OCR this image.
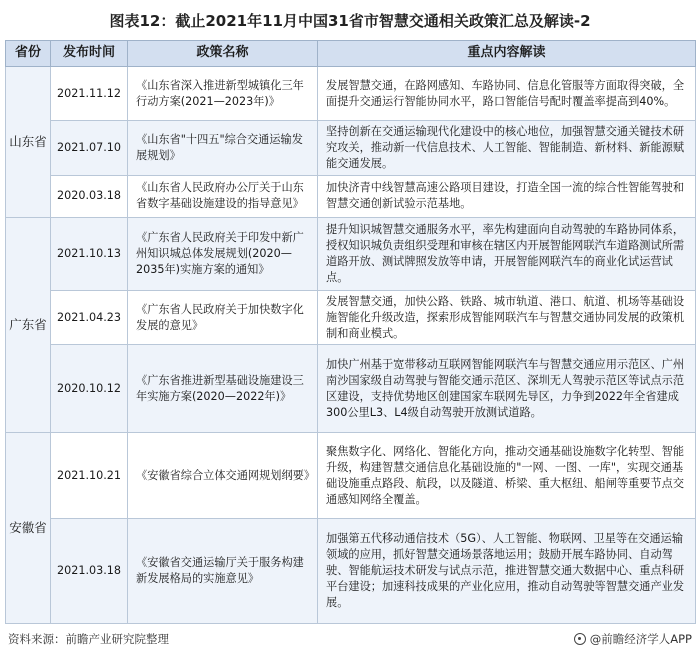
图表12：截止2021年11月中国31省市智慧交通相关政策汇总及解读-2
省份	发布时间	政策名称	重点内容解读
山东省	2021.11.12	《山东省深入推进新型城镇化三年行动方案(2021—2023年)》	发展智慧交通，在路网感知、车路协同、信息化管服等方面取得突破，全面提升交通运行智能协同水平，路口智能信号配时覆盖率提高到40%。
	2021.07.10	《山东省"十四五"综合交通运输发展规划》	坚持创新在交通运输现代化建设中的核心地位，加强智慧交通关键技术研究攻关，推动新一代信息技术、人工智能、智能制造、新材料、新能源赋能交通发展。
	2020.03.18	《山东省人民政府办公厅关于山东省数字基础设施建设的指导意见》	加快济青中线智慧高速公路项目建设，打造全国一流的综合性智能驾驶和智慧交通创新试验示范基地。
广东省	2021.10.13	《广东省人民政府关于印发中新广州知识城总体发展规划(2020—2035年)实施方案的通知》	提升知识城智慧交通服务水平，率先构建面向自动驾驶的车路协同体系，授权知识城负责组织受理和审核在辖区内开展智能网联汽车道路测试所需道路开放、测试牌照发放等申请，开展智能网联汽车的商业化试运营试点。
	2021.04.23	《广东省人民政府关于加快数字化发展的意见》	发展智慧交通，加快公路、铁路、城市轨道、港口、航道、机场等基础设施智能化升级改造，探索形成智能网联汽车与智慧交通协同发展的政策机制和商业模式。
	2020.10.12	《广东省推进新型基础设施建设三年实施方案(2020—2022年)》	加快广州基于宽带移动互联网智能网联汽车与智慧交通应用示范区、广州南沙国家级自动驾驶与智能交通示范区、深圳无人驾驶示范区等试点示范区建设，支持优势地区创建国家车联网先导区，力争到2022年全省建成300公里L3、L4级自动驾驶开放测试道路。
安徽省	2021.10.21	《安徽省综合立体交通网规划纲要》	聚焦数字化、网络化、智能化方向，推动交通基础设施数字化转型、智能升级，构建智慧交通信息化基础设施的"一网、一图、一库"，实现交通基础设施重点路段、航段，以及隧道、桥梁、重大枢纽、船闸等重要节点交通感知网络全覆盖。
	2021.03.18	《安徽省交通运输厅关于服务构建新发展格局的实施意见》	加强第五代移动通信技术（5G）、人工智能、物联网、卫星等在交通运输领域的应用，抓好智慧交通场景落地运用；鼓励开展车路协同、自动驾驶、智能航运技术研发与试点示范，推进智慧交通大数据中心、重点科研平台建设；加速科技成果的产业化应用，推动自动驾驶等智慧交通产业发展。
资料来源：前瞻产业研究院整理	@前瞻经济学人APP
